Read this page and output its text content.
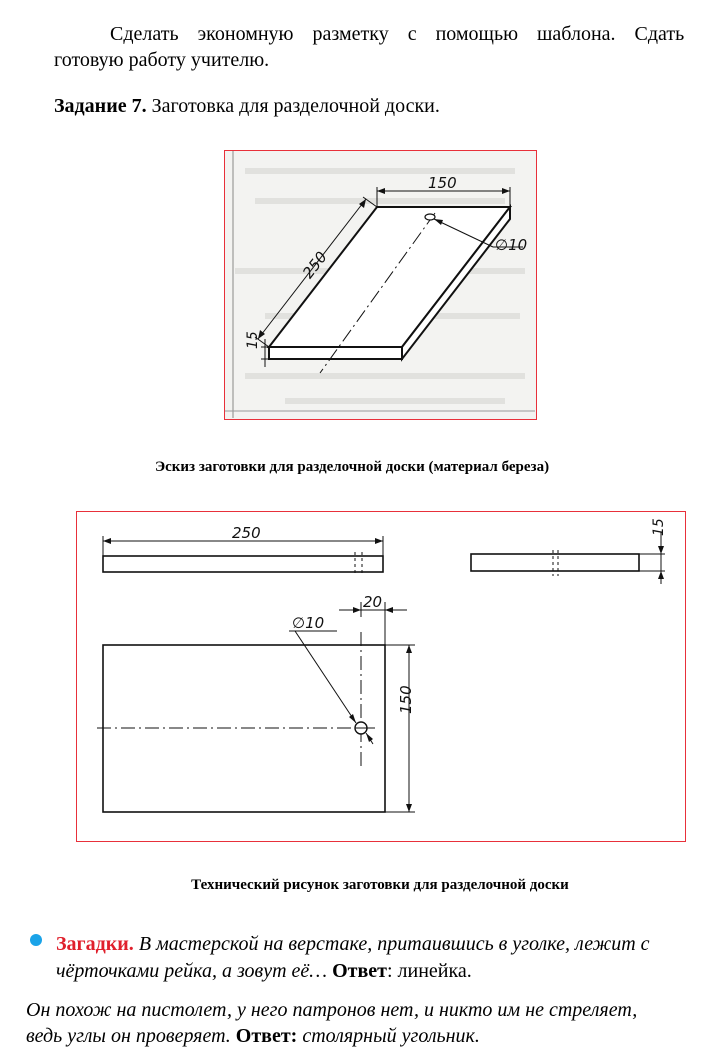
Сделать экономную разметку с помощью шаблона. Сдать
готовую работу учителю.
Задание 7. Заготовка для разделочной доски.
150
250
15
∅10
Эскиз заготовки для разделочной доски (материал береза)
250	15
∅10
20
150
Технический рисунок заготовки для разделочной доски
Загадки. В мастерской на верстаке, притаившись в уголке, лежит с
чёрточками рейка, а зовут её… Ответ: линейка.
Он похож на пистолет, у него патронов нет, и никто им не стреляет,
ведь углы он проверяет. Ответ: столярный угольник.
